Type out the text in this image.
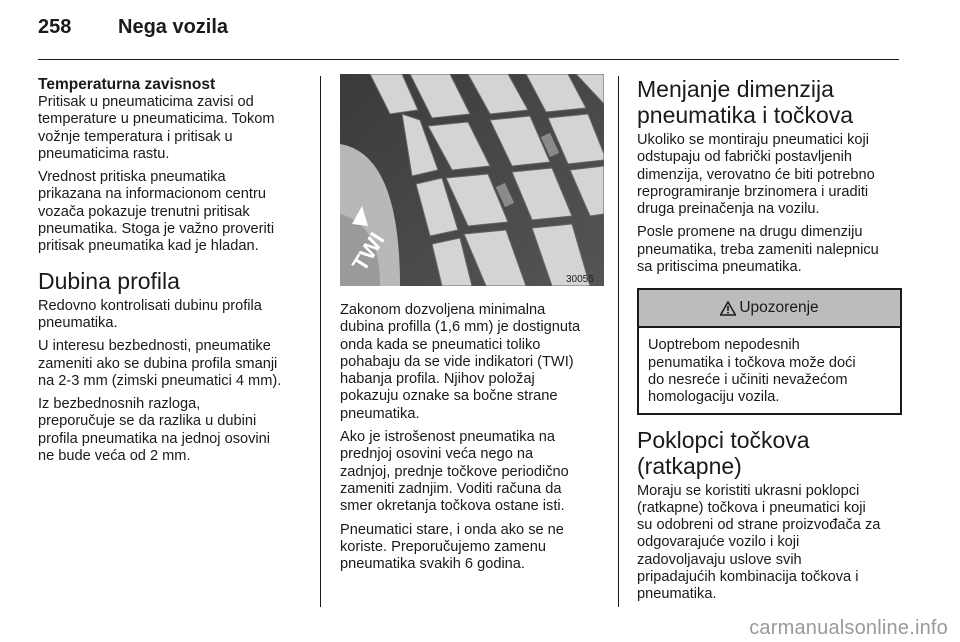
258 Nega vozila
Temperaturna zavisnost

Pritisak u pneumaticima zavisi od
temperature u pneumaticima. Tokom
vožnje temperatura i pritisak u
pneumaticima rastu.

Vrednost pritiska pneumatika
prikazana na informacionom centru
vozača pokazuje trenutni pritisak
pneumatika. Stoga je važno proveriti
pritisak pneumatika kad je hladan.

Dubina profila

Redovno kontrolisati dubinu profila
pneumatika.

U interesu bezbednosti, pneumatike
zameniti ako se dubina profila smanji
na 2-3 mm (zimski pneumatici 4 mm).

Iz bezbednosnih razloga,
preporučuje se da razlika u dubini
profila pneumatika na jednoj osovini
ne bude veća od 2 mm.

TWI
30055

Zakonom dozvoljena minimalna
dubina profilla (1,6 mm) je dostignuta
onda kada se pneumatici toliko
pohabaju da se vide indikatori (TWI)
habanja profila. Njihov položaj
pokazuju oznake sa bočne strane
pneumatika.

Ako je istrošenost pneumatika na
prednjoj osovini veća nego na
zadnjoj, prednje točkove periodično
zameniti zadnjim. Voditi računa da
smer okretanja točkova ostane isti.

Pneumatici stare, i onda ako se ne
koriste. Preporučujemo zamenu
pneumatika svakih 6 godina.

Menjanje dimenzija
pneumatika i točkova

Ukoliko se montiraju pneumatici koji
odstupaju od fabrički postavljenih
dimenzija, verovatno će biti potrebno
reprogramiranje brzinomera i uraditi
druga preinačenja na vozilu.

Posle promene na drugu dimenziju
pneumatika, treba zameniti nalepnicu
sa pritiscima pneumatika.

Upozorenje
Uoptrebom nepodesnih
penumatika i točkova može doći
do nesreće i učiniti nevažećom
homologaciju vozila.
Poklopci točkova
(ratkapne)

Moraju se koristiti ukrasni poklopci
(ratkapne) točkova i pneumatici koji
su odobreni od strane proizvođača za
odgovarajuće vozilo i koji
zadovoljavaju uslove svih
pripadajućih kombinacija točkova i
pneumatika.

carmanualsonline.info
